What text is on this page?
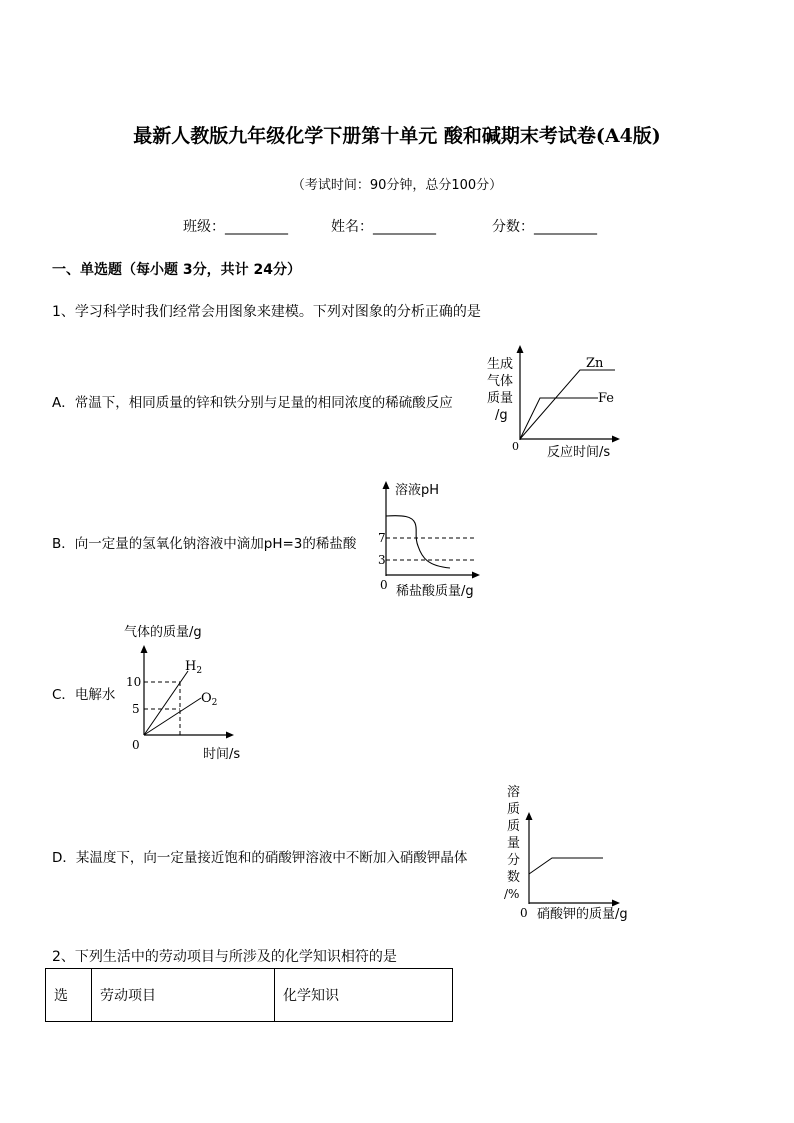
最新人教版九年级化学下册第十单元 酸和碱期末考试卷(A4版)
（考试时间：90分钟，总分100分）
班级：_________	姓名：_________	分数：_________
一、单选题（每小题 3分，共计 24分）
1、学习科学时我们经常会用图象来建模。下列对图象的分析正确的是
A．常温下，相同质量的锌和铁分别与足量的相同浓度的稀硫酸反应
生成
气体
质量
/g
0 反应时间/s
Zn
Fe
B．向一定量的氢氧化钠溶液中滴加pH=3的稀盐酸
溶液pH
7
3
0 稀盐酸质量/g
C．电解水
气体的质量/g
10
5
0
时间/s
$H_2$
$O_2$
D．某温度下，向一定量接近饱和的硝酸钾溶液中不断加入硝酸钾晶体
溶
质
质
量
分
数
/%
0 硝酸钾的质量/g
2、下列生活中的劳动项目与所涉及的化学知识相符的是
选	劳动项目	化学知识
